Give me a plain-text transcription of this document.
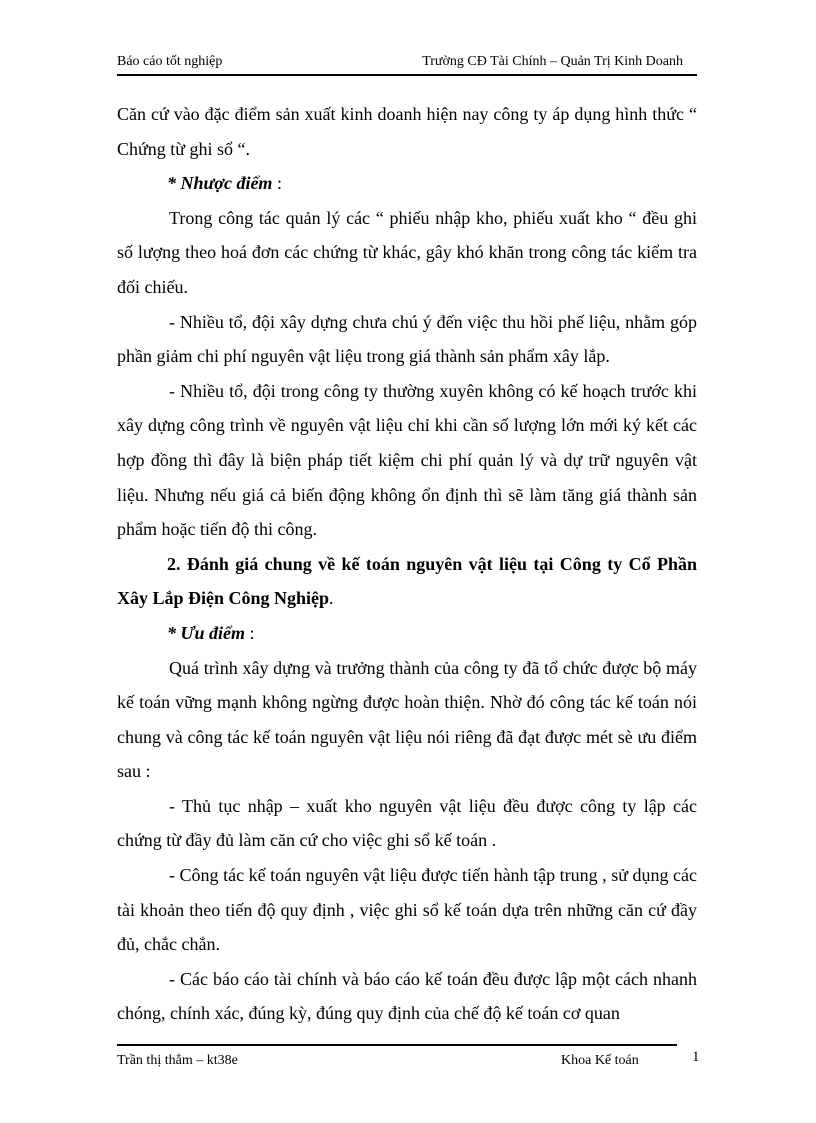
Báo cáo tốt nghiệp	Trường CĐ Tài Chính – Quản Trị Kinh Doanh

Căn cứ vào đặc điểm sản xuất kinh doanh hiện nay công ty áp dụng hình thức “ Chứng từ ghi sổ “.

* Nhược điểm :

Trong công tác quản lý các “ phiếu nhập kho, phiếu xuất kho “ đều ghi số lượng theo hoá đơn các chứng từ khác, gây khó khăn trong công tác kiểm tra đối chiếu.

- Nhiều tổ, đội xây dựng chưa chú ý đến việc thu hồi phế liệu, nhằm góp phần giảm chi phí nguyên vật liệu trong giá thành sản phẩm xây lắp.

- Nhiều tổ, đội trong công ty thường xuyên không có kế hoạch trước khi xây dựng công trình về nguyên vật liệu chỉ khi cần số lượng lớn mới ký kết các hợp đồng thì đây là biện pháp tiết kiệm chi phí quản lý và dự trữ nguyên vật liệu. Nhưng nếu giá cả biến động không ổn định thì sẽ làm tăng giá thành sản phẩm hoặc tiến độ thi công.

2. Đánh giá chung về kế toán nguyên vật liệu tại Công ty Cổ Phần Xây Lắp Điện Công Nghiệp.

* Ưu điểm :

Quá trình xây dựng và trưởng thành của công ty đã tổ chức được bộ máy kế toán vững mạnh không ngừng được hoàn thiện. Nhờ đó công tác kế toán nói chung và công tác kế toán nguyên vật liệu nói riêng đã đạt được mét sè ưu điểm sau :

- Thủ tục nhập – xuất kho nguyên vật liệu đều được công ty lập các chứng từ đầy đủ làm căn cứ cho việc ghi sổ kế toán .

- Công tác kế toán nguyên vật liệu được tiến hành tập trung , sử dụng các tài khoản theo tiến độ quy định , việc ghi sổ kế toán dựa trên những căn cứ đầy đủ, chắc chắn.

- Các báo cáo tài chính và báo cáo kế toán đều được lập một cách nhanh chóng, chính xác, đúng kỳ, đúng quy định của chế độ kế toán cơ quan

Trần thị thắm – kt38e	Khoa Kế toán	1
